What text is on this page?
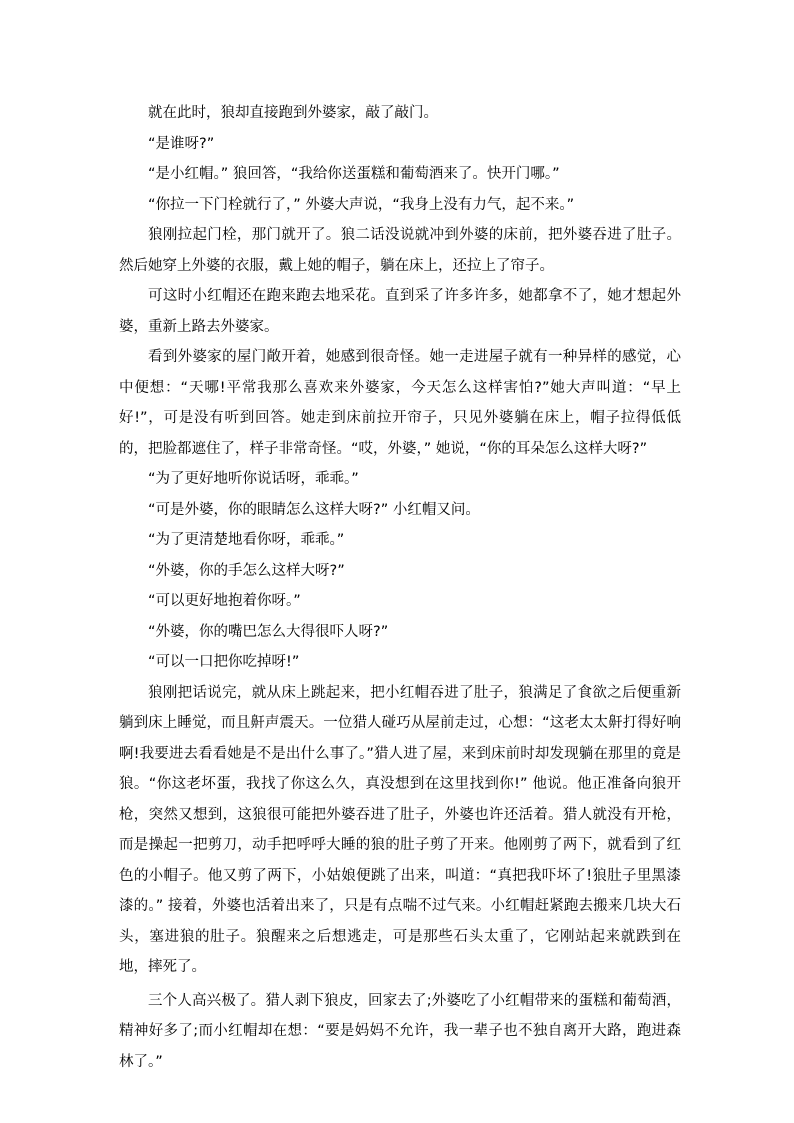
就在此时，狼却直接跑到外婆家，敲了敲门。

“是谁呀?”

“是小红帽。” 狼回答，“我给你送蛋糕和葡萄酒来了。快开门哪。”

“你拉一下门栓就行了，” 外婆大声说，“我身上没有力气，起不来。”

狼刚拉起门栓，那门就开了。狼二话没说就冲到外婆的床前，把外婆吞进了肚子。然后她穿上外婆的衣服，戴上她的帽子，躺在床上，还拉上了帘子。

可这时小红帽还在跑来跑去地采花。直到采了许多许多，她都拿不了，她才想起外婆，重新上路去外婆家。

看到外婆家的屋门敞开着，她感到很奇怪。她一走进屋子就有一种异样的感觉，心中便想：“天哪!平常我那么喜欢来外婆家，今天怎么这样害怕?”她大声叫道：“早上好!”，可是没有听到回答。她走到床前拉开帘子，只见外婆躺在床上，帽子拉得低低的，把脸都遮住了，样子非常奇怪。“哎，外婆，” 她说，“你的耳朵怎么这样大呀?”

“为了更好地听你说话呀，乖乖。”

“可是外婆，你的眼睛怎么这样大呀?” 小红帽又问。

“为了更清楚地看你呀，乖乖。”

“外婆，你的手怎么这样大呀?”

“可以更好地抱着你呀。”

“外婆，你的嘴巴怎么大得很吓人呀?”

“可以一口把你吃掉呀!”

狼刚把话说完，就从床上跳起来，把小红帽吞进了肚子，狼满足了食欲之后便重新躺到床上睡觉，而且鼾声震天。一位猎人碰巧从屋前走过，心想：“这老太太鼾打得好响啊!我要进去看看她是不是出什么事了。”猎人进了屋，来到床前时却发现躺在那里的竟是狼。“你这老坏蛋，我找了你这么久，真没想到在这里找到你!” 他说。他正准备向狼开枪，突然又想到，这狼很可能把外婆吞进了肚子，外婆也许还活着。猎人就没有开枪，而是操起一把剪刀，动手把呼呼大睡的狼的肚子剪了开来。他刚剪了两下，就看到了红色的小帽子。他又剪了两下，小姑娘便跳了出来，叫道：“真把我吓坏了!狼肚子里黑漆漆的。” 接着，外婆也活着出来了，只是有点喘不过气来。小红帽赶紧跑去搬来几块大石头，塞进狼的肚子。狼醒来之后想逃走，可是那些石头太重了，它刚站起来就跌到在地，摔死了。

三个人高兴极了。猎人剥下狼皮，回家去了;外婆吃了小红帽带来的蛋糕和葡萄酒，精神好多了;而小红帽却在想：“要是妈妈不允许，我一辈子也不独自离开大路，跑进森林了。”
